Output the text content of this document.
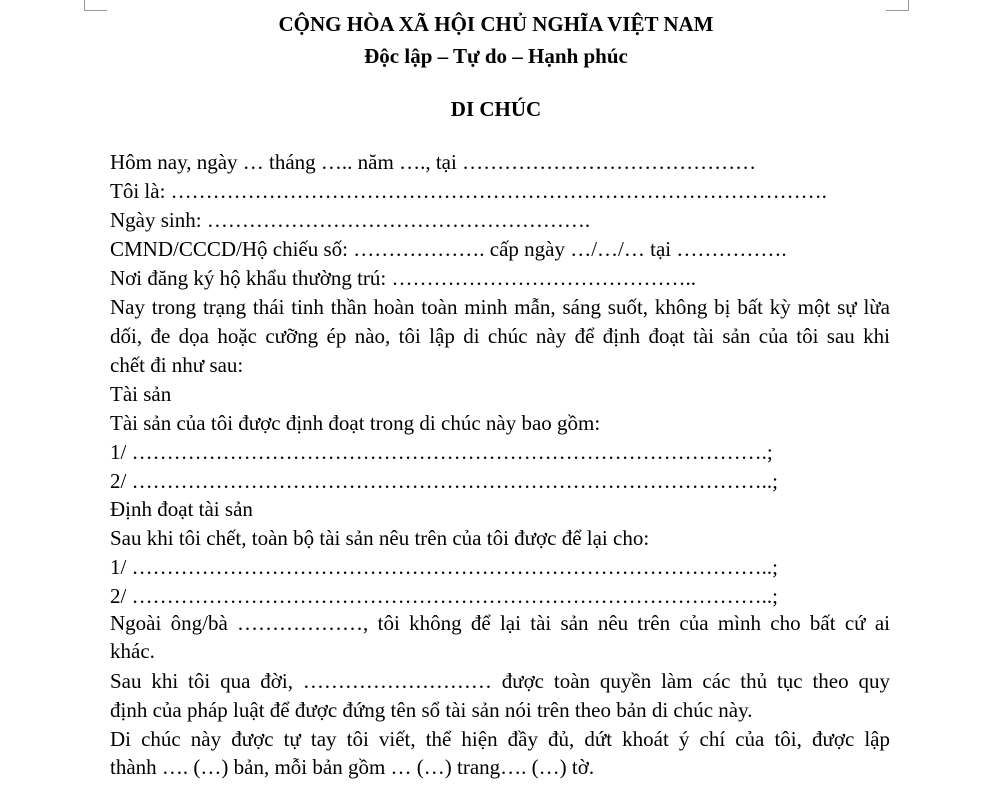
CỘNG HÒA XÃ HỘI CHỦ NGHĨA VIỆT NAM
Độc lập – Tự do – Hạnh phúc
DI CHÚC
Hôm nay, ngày … tháng ….. năm …., tại ……………………………………
Tôi là: ………………………………………………………………………………….
Ngày sinh: ……………………………………………….
CMND/CCCD/Hộ chiếu số: ………………. cấp ngày …/…/… tại …………….
Nơi đăng ký hộ khẩu thường trú: ……………………………………..
Nay trong trạng thái tinh thần hoàn toàn minh mẫn, sáng suốt, không bị bất kỳ một sự lừa
dối, đe dọa hoặc cưỡng ép nào, tôi lập di chúc này để định đoạt tài sản của tôi sau khi
chết đi như sau:
Tài sản
Tài sản của tôi được định đoạt trong di chúc này bao gồm:
1/ ……………………………………………………………………………….;
2/ ………………………………………………………………………………..;
Định đoạt tài sản
Sau khi tôi chết, toàn bộ tài sản nêu trên của tôi được để lại cho:
1/ ………………………………………………………………………………..;
2/ ………………………………………………………………………………..;
Ngoài ông/bà ………………, tôi không để lại tài sản nêu trên của mình cho bất cứ ai
khác.
Sau khi tôi qua đời, ……………………… được toàn quyền làm các thủ tục theo quy
định của pháp luật để được đứng tên sổ tài sản nói trên theo bản di chúc này.
Di chúc này được tự tay tôi viết, thể hiện đầy đủ, dứt khoát ý chí của tôi, được lập
thành …. (…) bản, mỗi bản gồm … (…) trang…. (…) tờ.
